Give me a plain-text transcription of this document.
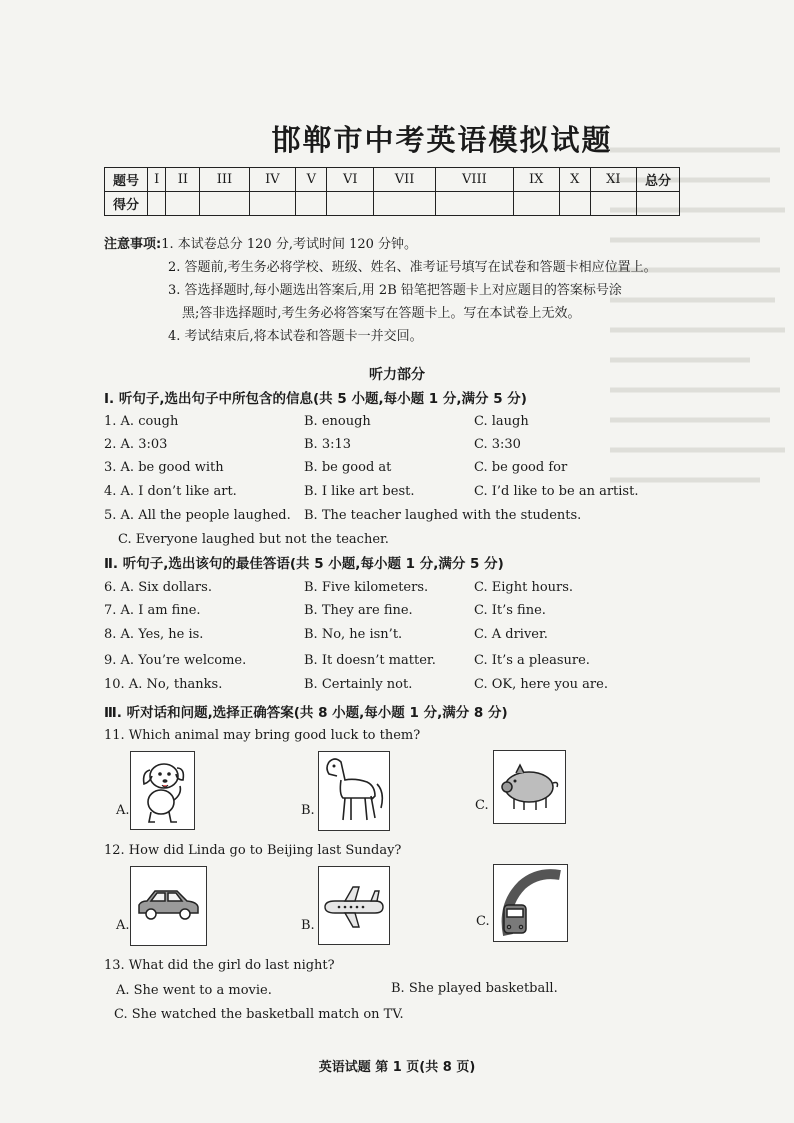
邯郸市中考英语模拟试题
题号	I	II	III	IV	V	VI	VII	VIII	IX	X	XI	总分
得分												
注意事项: 1. 本试卷总分 120 分,考试时间 120 分钟。
2. 答题前,考生务必将学校、班级、姓名、准考证号填写在试卷和答题卡相应位置上。
3. 答选择题时,每小题选出答案后,用 2B 铅笔把答题卡上对应题目的答案标号涂
黑;答非选择题时,考生务必将答案写在答题卡上。写在本试卷上无效。
4. 考试结束后,将本试卷和答题卡一并交回。
听力部分
Ⅰ. 听句子,选出句子中所包含的信息(共 5 小题,每小题 1 分,满分 5 分)
1. A. cough	B. enough	C. laugh
2. A. 3:03	B. 3:13	C. 3:30
3. A. be good with	B. be good at	C. be good for
4. A. I don’t like art.	B. I like art best.	C. I’d like to be an artist.
5. A. All the people laughed. B. The teacher laughed with the students.
C. Everyone laughed but not the teacher.
Ⅱ. 听句子,选出该句的最佳答语(共 5 小题,每小题 1 分,满分 5 分)
6. A. Six dollars.	B. Five kilometers.	C. Eight hours.
7. A. I am fine.	B. They are fine.	C. It’s fine.
8. A. Yes, he is.	B. No, he isn’t.	C. A driver.
9. A. You’re welcome.	B. It doesn’t matter.	C. It’s a pleasure.
10. A. No, thanks.	B. Certainly not.	C. OK, here you are.
Ⅲ. 听对话和问题,选择正确答案(共 8 小题,每小题 1 分,满分 8 分)
11. Which animal may bring good luck to them?
A.	B.	C.
12. How did Linda go to Beijing last Sunday?
A.	B.	C.
13. What did the girl do last night?
A. She went to a movie.	B. She played basketball.
C. She watched the basketball match on TV.
英语试题 第 1 页(共 8 页)
